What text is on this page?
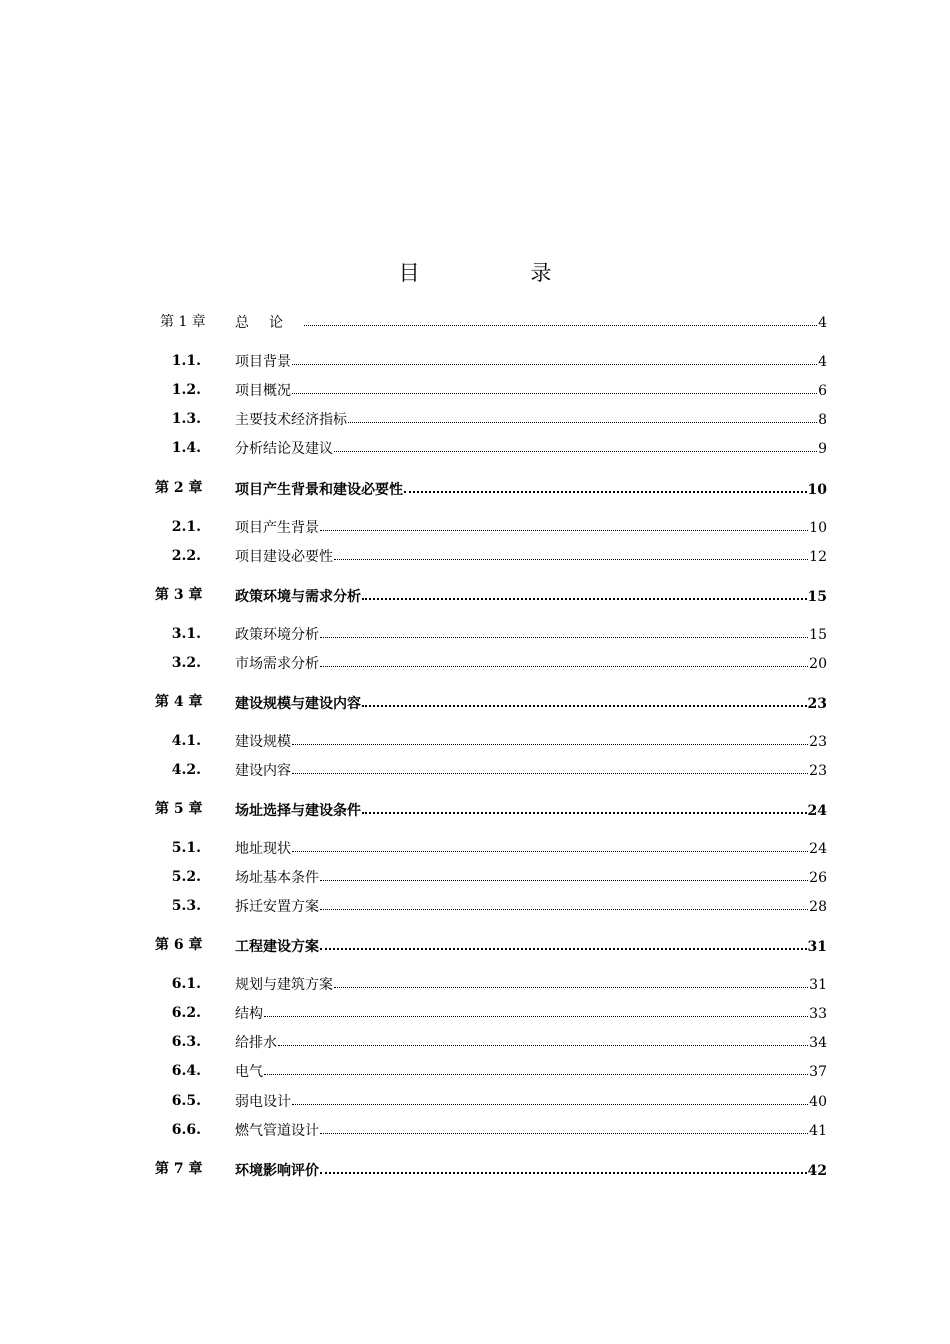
目 录
第 1 章 总论	4
1.1. 项目背景	4
1.2. 项目概况	6
1.3. 主要技术经济指标	8
1.4. 分析结论及建议	9
第 2 章 项目产生背景和建设必要性	10
2.1. 项目产生背景	10
2.2. 项目建设必要性	12
第 3 章 政策环境与需求分析	15
3.1. 政策环境分析	15
3.2. 市场需求分析	20
第 4 章 建设规模与建设内容	23
4.1. 建设规模	23
4.2. 建设内容	23
第 5 章 场址选择与建设条件	24
5.1. 地址现状	24
5.2. 场址基本条件	26
5.3. 拆迁安置方案	28
第 6 章 工程建设方案	31
6.1. 规划与建筑方案	31
6.2. 结构	33
6.3. 给排水	34
6.4. 电气	37
6.5. 弱电设计	40
6.6. 燃气管道设计	41
第 7 章 环境影响评价	42
